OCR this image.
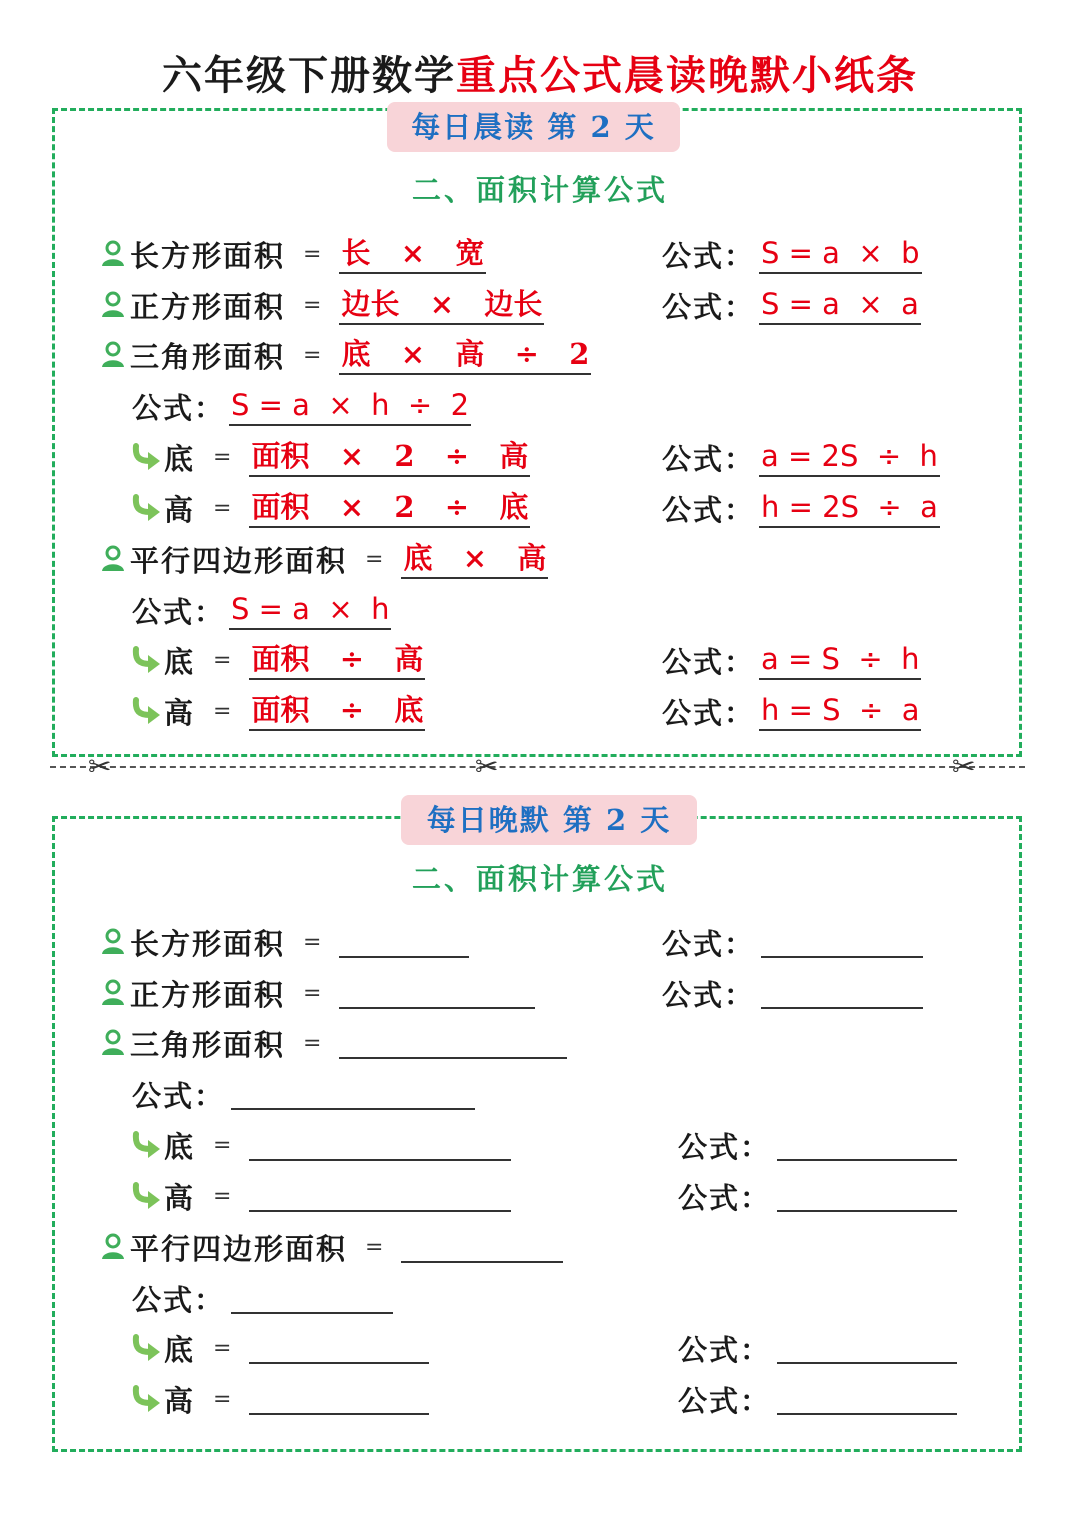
六年级下册数学重点公式晨读晚默小纸条
每日晨读 第 2 天
二、面积计算公式
长方形面积 = 长   ×   宽	公式： S = a  ×  b
正方形面积 = 边长   ×   边长	公式： S = a  ×  a
三角形面积 = 底   ×   高   ÷   2
公式： S = a  ×  h  ÷  2
底 = 面积   ×   2   ÷   高	公式： a = 2S  ÷  h
高 = 面积   ×   2   ÷   底	公式： h = 2S  ÷  a
平行四边形面积 = 底   ×   高
公式： S = a  ×  h
底 = 面积   ÷   高	公式： a = S  ÷  h
高 = 面积   ÷   底	公式： h = S  ÷  a
✂	✂	✂
每日晚默 第 2 天
二、面积计算公式
长方形面积 =	公式：
正方形面积 =	公式：
三角形面积 =
公式：
底 =	公式：
高 =	公式：
平行四边形面积 =
公式：
底 =	公式：
高 =	公式：
